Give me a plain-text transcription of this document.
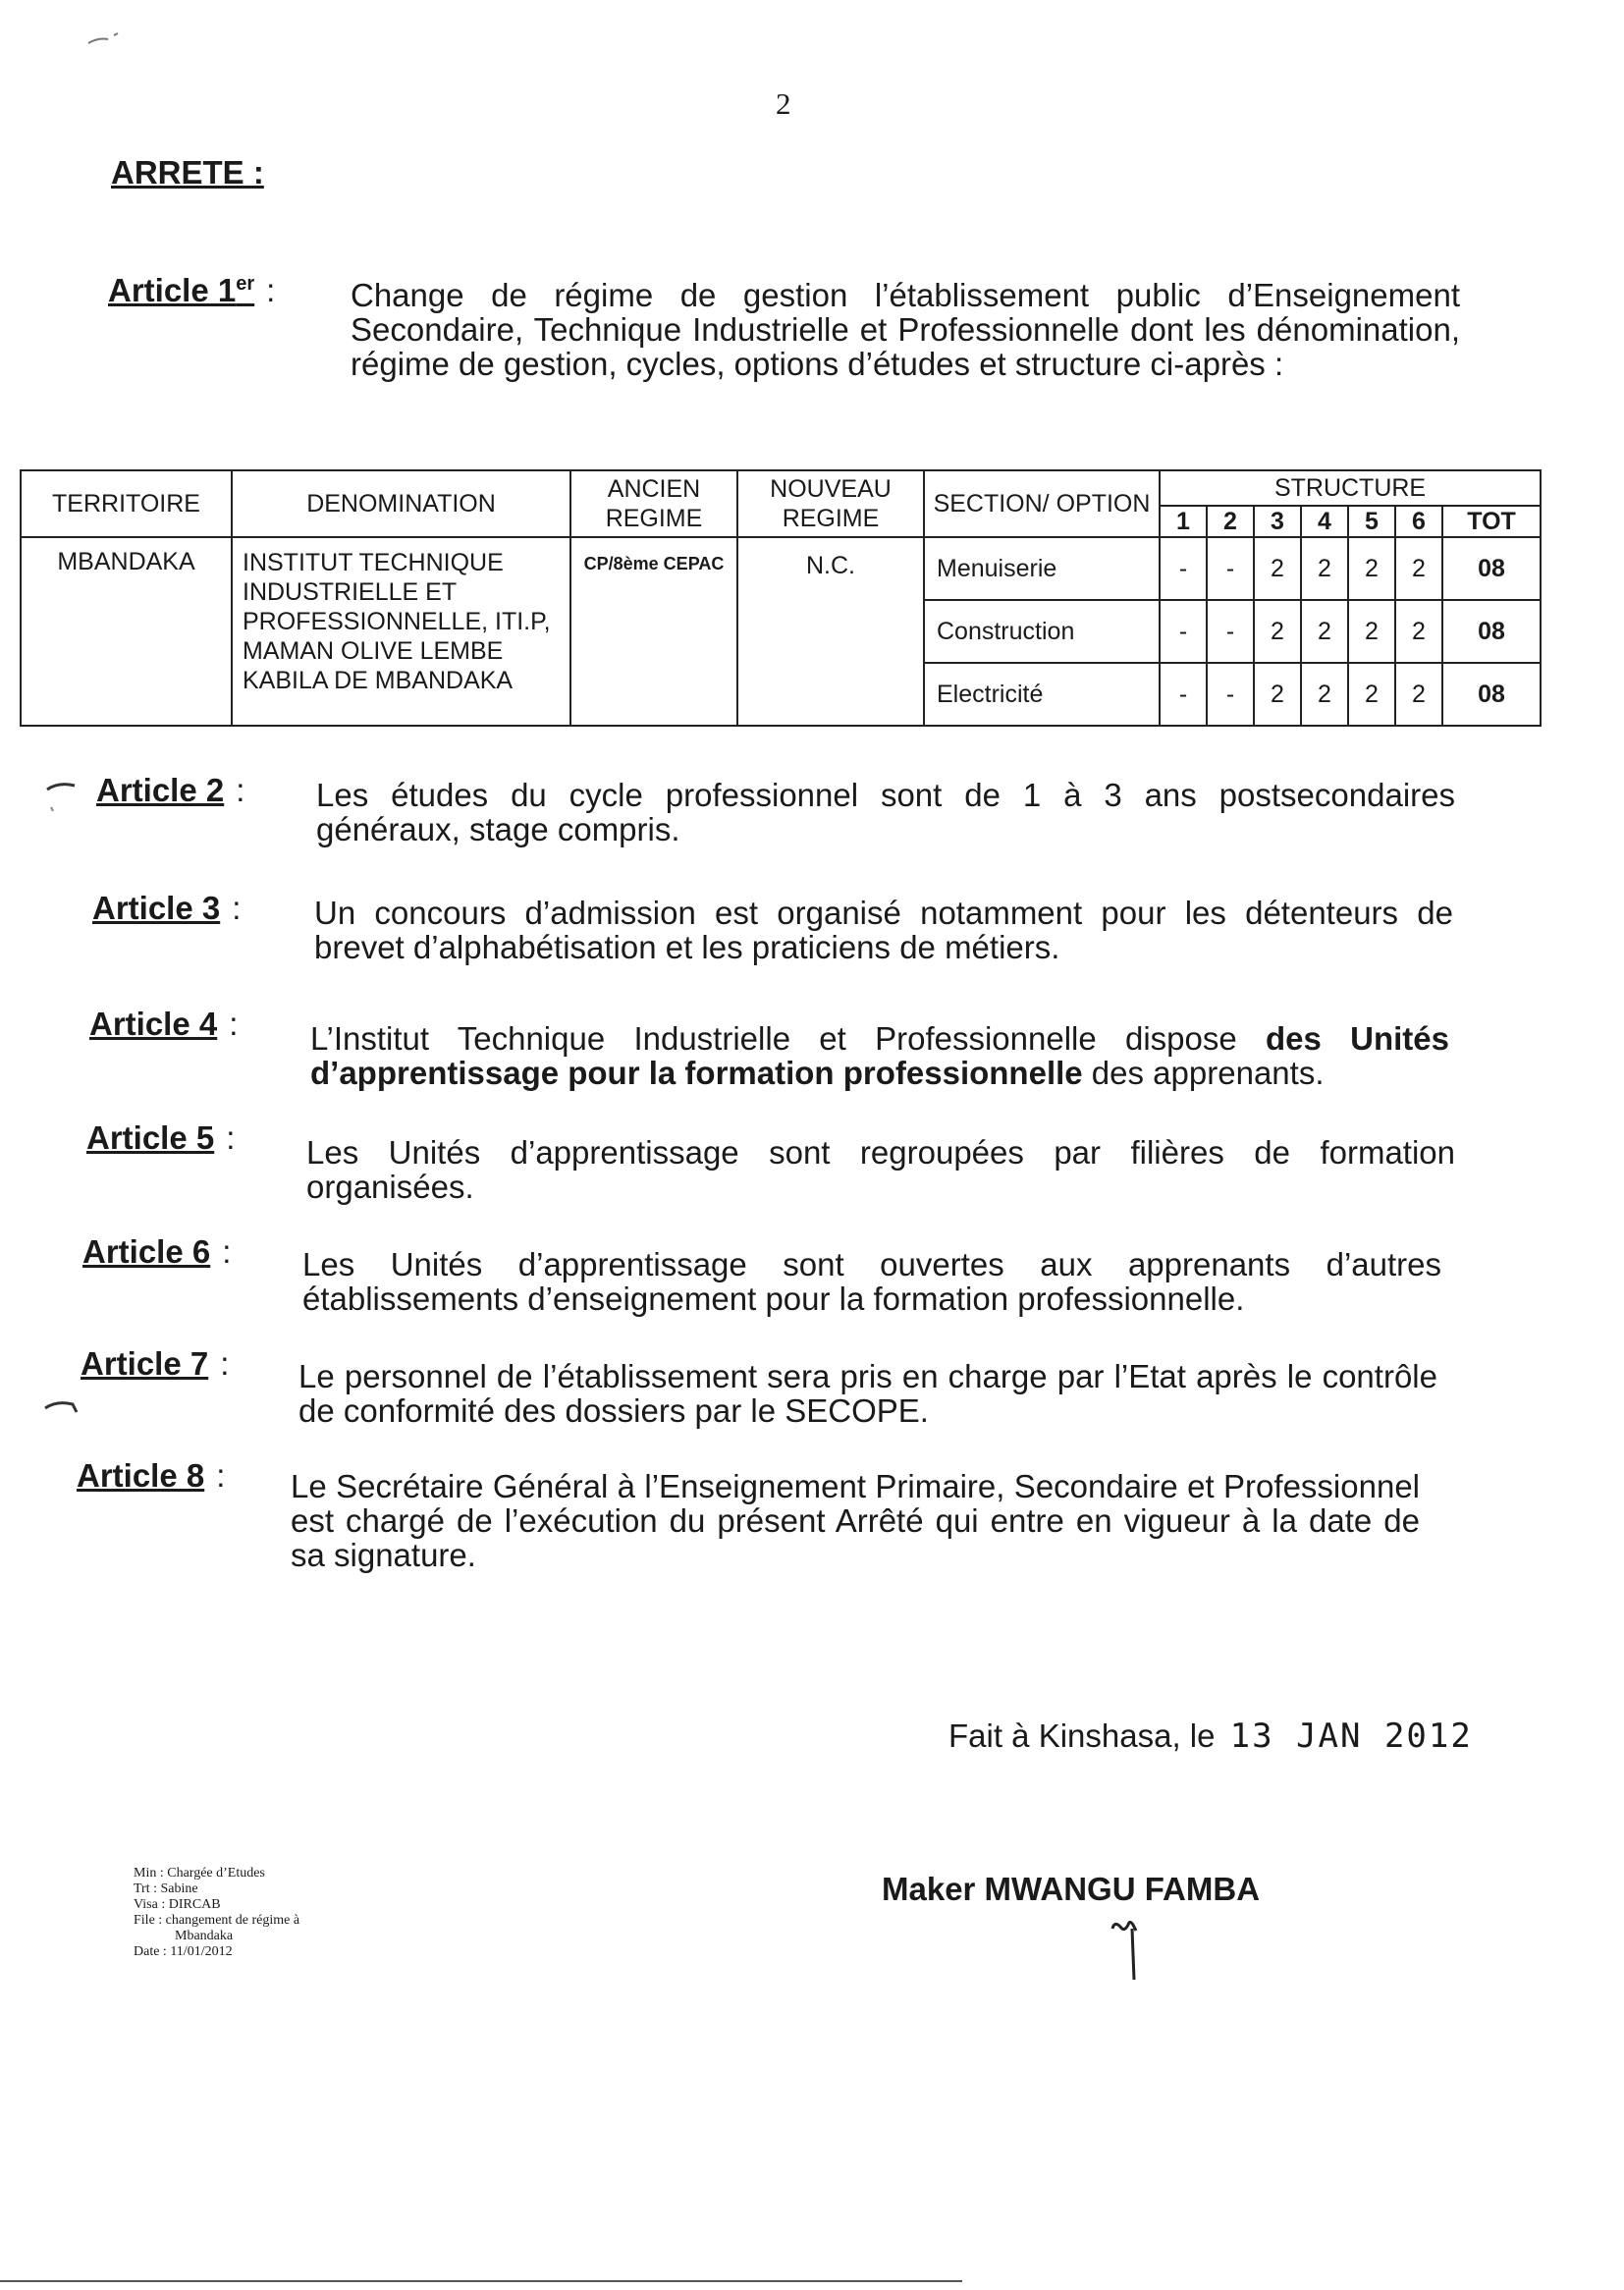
2
ARRETE :
Article 1er : Change de régime de gestion l’établissement public d’Enseignement Secondaire, Technique Industrielle et Professionnelle dont les dénomination, régime de gestion, cycles, options d’études et structure ci-après :
TERRITOIRE	DENOMINATION	ANCIEN REGIME	NOUVEAU REGIME	SECTION/ OPTION	STRUCTURE						
					1	2	3	4	5	6	TOT
MBANDAKA	INSTITUT TECHNIQUE INDUSTRIELLE ET PROFESSIONNELLE, ITI.P, MAMAN OLIVE LEMBE KABILA DE MBANDAKA	CP/8ème CEPAC	N.C.	Menuiserie	-	-	2	2	2	2	08
				Construction	-	-	2	2	2	2	08
				Electricité	-	-	2	2	2	2	08
Article 2 : Les études du cycle professionnel sont de 1 à 3 ans postsecondaires généraux, stage compris.
Article 3 : Un concours d’admission est organisé notamment pour les détenteurs de brevet d’alphabétisation et les praticiens de métiers.
Article 4 : L’Institut Technique Industrielle et Professionnelle dispose des Unités d’apprentissage pour la formation professionnelle des apprenants.
Article 5 : Les Unités d’apprentissage sont regroupées par filières de formation organisées.
Article 6 : Les Unités d’apprentissage sont ouvertes aux apprenants d’autres établissements d’enseignement pour la formation professionnelle.
Article 7 : Le personnel de l’établissement sera pris en charge par l’Etat après le contrôle de conformité des dossiers par le SECOPE.
Article 8 : Le Secrétaire Général à l’Enseignement Primaire, Secondaire et Professionnel est chargé de l’exécution du présent Arrêté qui entre en vigueur à la date de sa signature.
Fait à Kinshasa, le 13 JAN 2012
Maker MWANGU FAMBA
Min : Chargée d’Etudes
Trt : Sabine
Visa : DIRCAB
File : changement de régime à
Mbandaka
Date : 11/01/2012
